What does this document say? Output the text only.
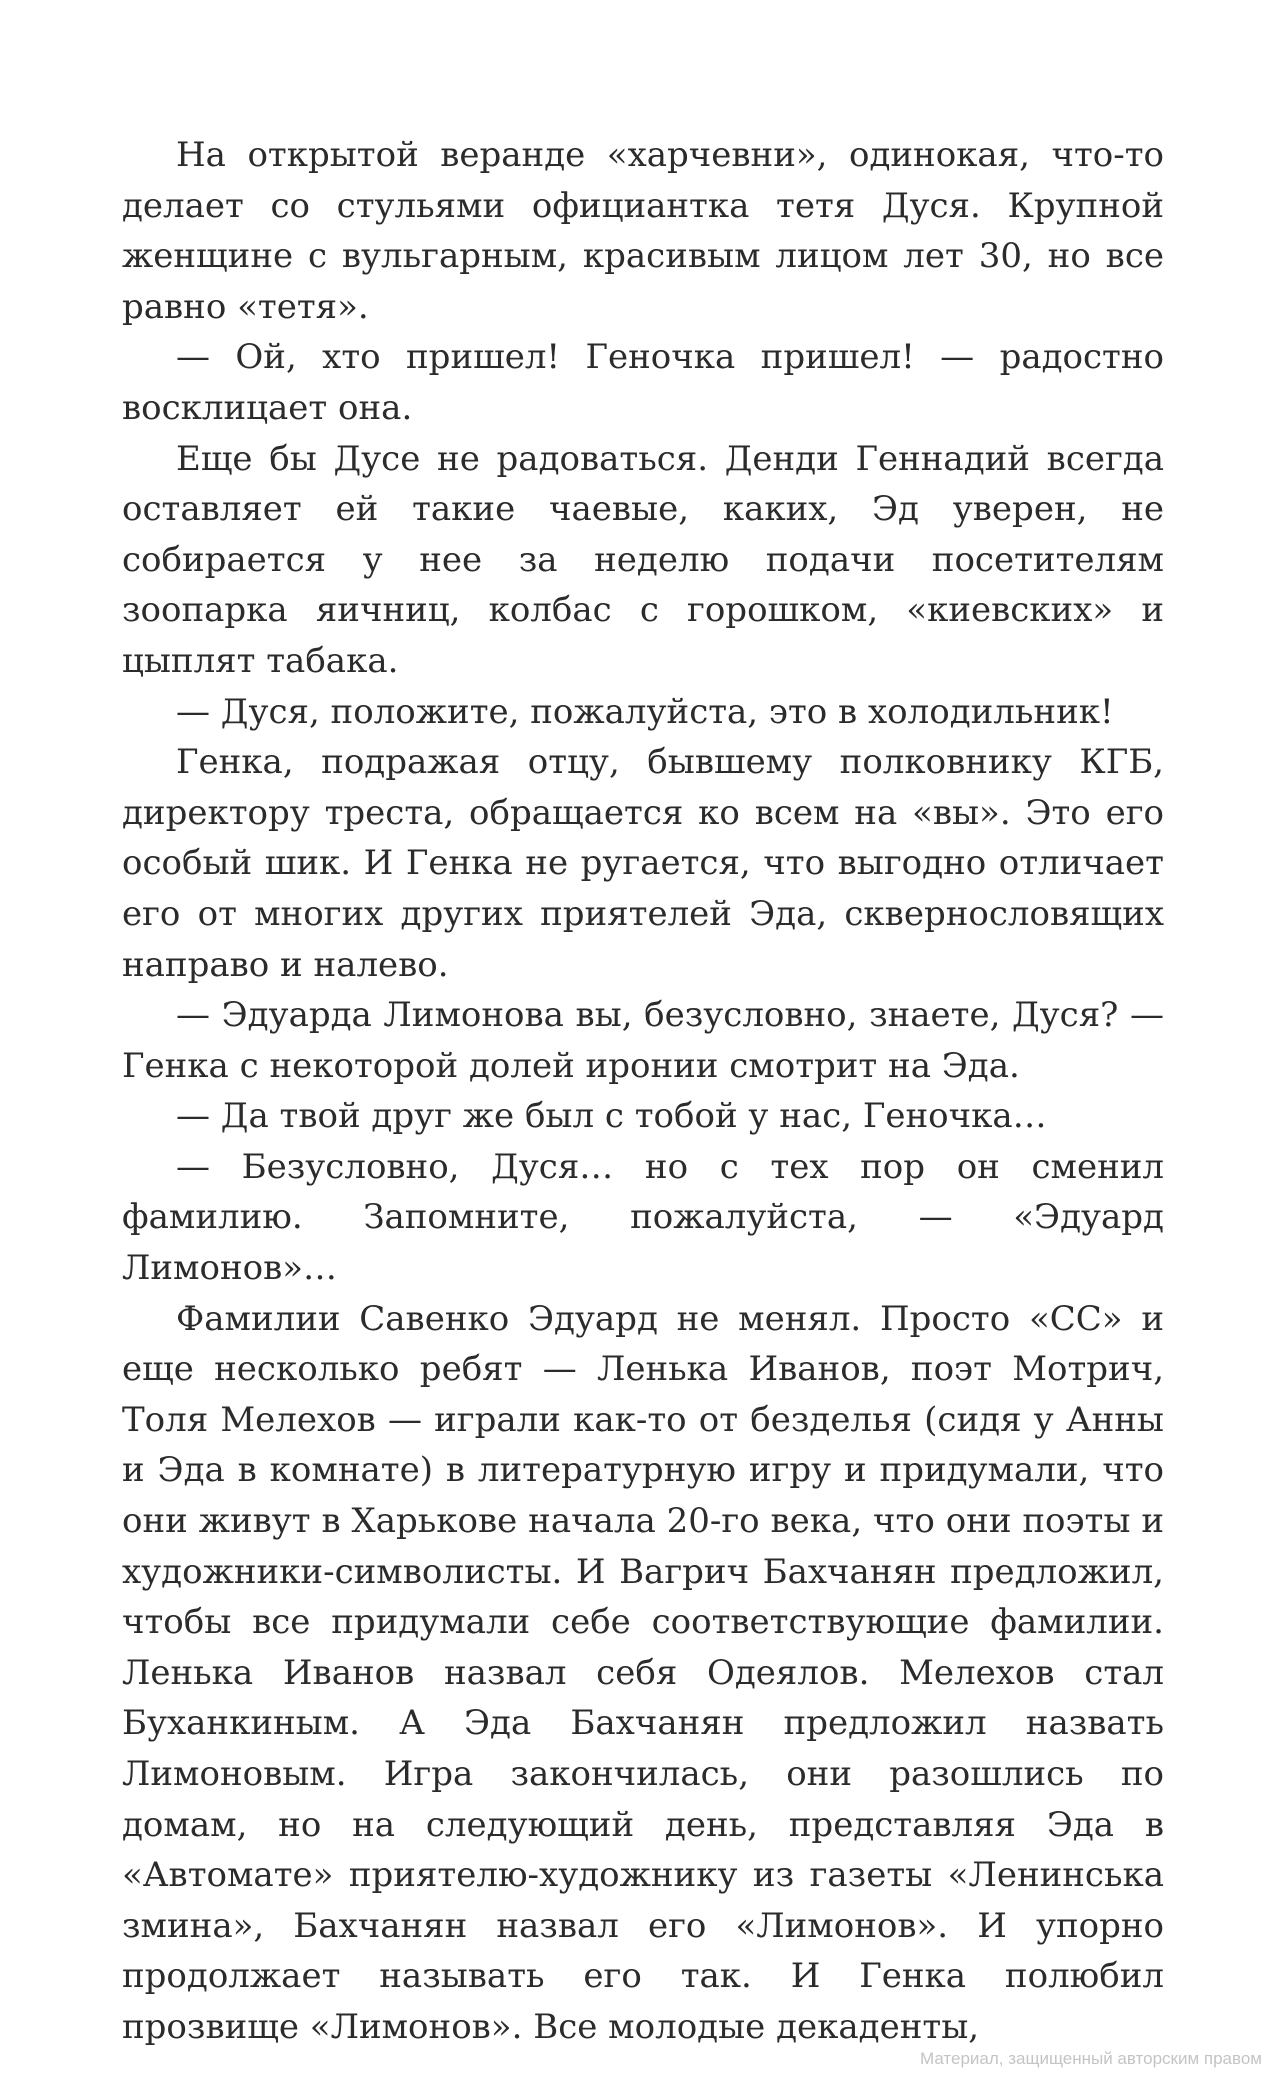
На открытой веранде «харчевни», одинокая, что-то делает со стульями официантка тетя Дуся. Крупной женщине с вульгарным, красивым лицом лет 30, но все равно «тетя».

— Ой, хто пришел! Геночка пришел! — радостно восклицает она.

Еще бы Дусе не радоваться. Денди Геннадий всегда оставляет ей такие чаевые, каких, Эд уверен, не собирается у нее за неделю подачи посетителям зоопарка яичниц, колбас с горошком, «киевских» и цыплят табака.

— Дуся, положите, пожалуйста, это в холодильник!

Генка, подражая отцу, бывшему полковнику КГБ, директору треста, обращается ко всем на «вы». Это его особый шик. И Генка не ругается, что выгодно отличает его от многих других приятелей Эда, сквернословящих направо и налево.

— Эдуарда Лимонова вы, безусловно, знаете, Дуся? — Генка с некоторой долей иронии смотрит на Эда.

— Да твой друг же был с тобой у нас, Геночка…

— Безусловно, Дуся… но с тех пор он сменил фамилию. Запомните, пожалуйста, — «Эдуард Лимонов»…

Фамилии Савенко Эдуард не менял. Просто «СС» и еще несколько ребят — Ленька Иванов, поэт Мотрич, Толя Мелехов — играли как-то от безделья (сидя у Анны и Эда в комнате) в литературную игру и придумали, что они живут в Харькове начала 20-го века, что они поэты и художники-символисты. И Вагрич Бахчанян предложил, чтобы все придумали себе соответствующие фамилии. Ленька Иванов назвал себя Одеялов. Мелехов стал Буханкиным. А Эда Бахчанян предложил назвать Лимоновым. Игра закончилась, они разошлись по домам, но на следующий день, представляя Эда в «Автомате» приятелю-художнику из газеты «Ленинська змина», Бахчанян назвал его «Лимонов». И упорно продолжает называть его так. И Генка полюбил прозвище «Лимонов». Все молодые декаденты,

Материал, защищенный авторским правом
